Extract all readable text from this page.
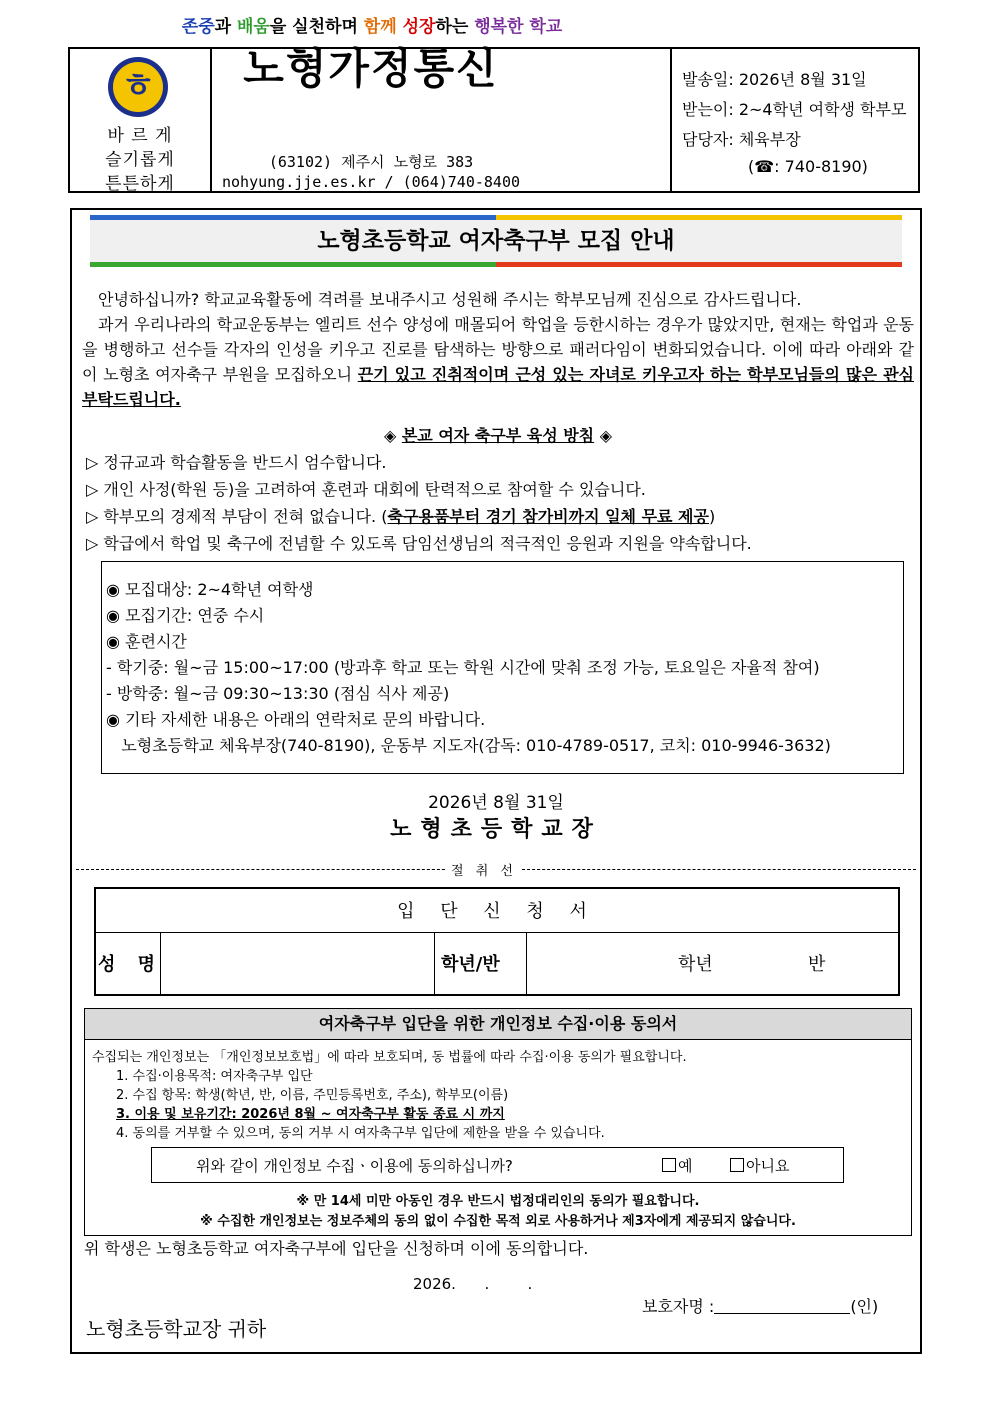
ㅎ
바 르 게
슬기롭게
튼튼하게
발송일: 2026년 8월 31일
받는이: 2~4학년 여학생 학부모
담당자: 체육부장
(☎: 740-8190)
존중과 배움을 실천하며 함께 성장하는 행복한 학교
노형가정통신
(63102) 제주시 노형로 383
nohyung.jje.es.kr / (064)740-8400
노형초등학교 여자축구부 모집 안내
안녕하십니까? 학교교육활동에 격려를 보내주시고 성원해 주시는 학부모님께 진심으로 감사드립니다.
과거 우리나라의 학교운동부는 엘리트 선수 양성에 매몰되어 학업을 등한시하는 경우가 많았지만, 현재는 학업과 운동을 병행하고 선수들 각자의 인성을 키우고 진로를 탐색하는 방향으로 패러다임이 변화되었습니다. 이에 따라 아래와 같이 노형초 여자축구 부원을 모집하오니 끈기 있고 진취적이며 근성 있는 자녀로 키우고자 하는 학부모님들의 많은 관심 부탁드립니다.
◈ 본교 여자 축구부 육성 방침 ◈
▷ 정규교과 학습활동을 반드시 엄수합니다.
▷ 개인 사정(학원 등)을 고려하여 훈련과 대회에 탄력적으로 참여할 수 있습니다.
▷ 학부모의 경제적 부담이 전혀 없습니다. (축구용품부터 경기 참가비까지 일체 무료 제공)
▷ 학급에서 학업 및 축구에 전념할 수 있도록 담임선생님의 적극적인 응원과 지원을 약속합니다.
◉ 모집대상: 2~4학년 여학생
◉ 모집기간: 연중 수시
◉ 훈련시간
- 학기중: 월~금 15:00~17:00 (방과후 학교 또는 학원 시간에 맞춰 조정 가능, 토요일은 자율적 참여)
- 방학중: 월~금 09:30~13:30 (점심 식사 제공)
◉ 기타 자세한 내용은 아래의 연락처로 문의 바랍니다.
노형초등학교 체육부장(740-8190), 운동부 지도자(감독: 010-4789-0517, 코치: 010-9946-3632)
2026년 8월 31일
노형초등학교장
절 취 선
입 단 신 청 서
성 명	학년/반	학년	반
여자축구부 입단을 위한 개인정보 수집·이용 동의서
수집되는 개인정보는 「개인정보보호법」에 따라 보호되며, 동 법률에 따라 수집·이용 동의가 필요합니다.
1. 수집·이용목적: 여자축구부 입단
2. 수집 항목: 학생(학년, 반, 이름, 주민등록번호, 주소), 학부모(이름)
3. 이용 및 보유기간: 2026년 8월 ~ 여자축구부 활동 종료 시 까지
4. 동의를 거부할 수 있으며, 동의 거부 시 여자축구부 입단에 제한을 받을 수 있습니다.
위와 같이 개인정보 수집ㆍ이용에 동의하십니까?	예	아니요
※ 만 14세 미만 아동인 경우 반드시 법정대리인의 동의가 필요합니다.
※ 수집한 개인정보는 정보주체의 동의 없이 수집한 목적 외로 사용하거나 제3자에게 제공되지 않습니다.
위 학생은 노형초등학교 여자축구부에 입단을 신청하며 이에 동의합니다.
2026.      .        .
보호자명 :	(인)
노형초등학교장 귀하
